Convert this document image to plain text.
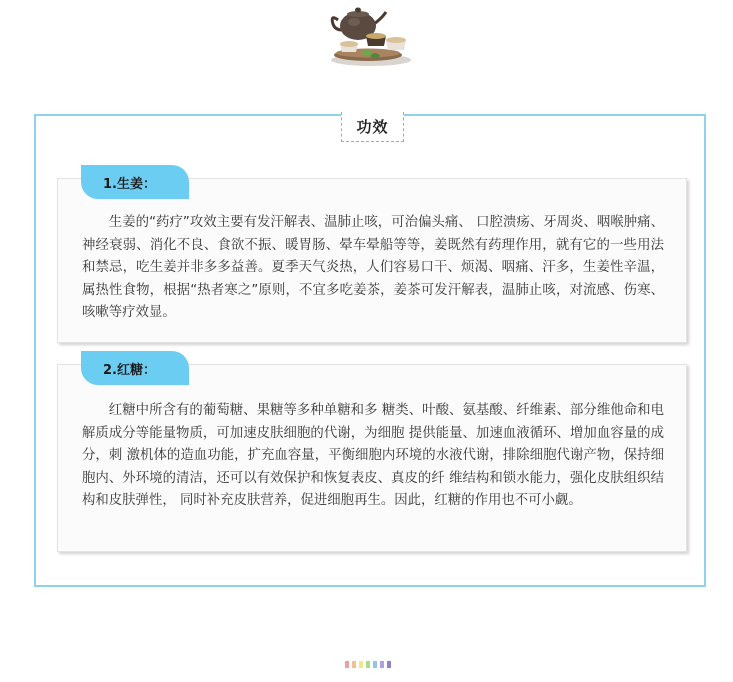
功效
1.生姜：

生姜的“药疗”攻效主要有发汗解表、温肺止咳，可治偏头痛、 口腔溃疡、牙周炎、咽喉肿痛、神经衰弱、消化不良、食欲不振、暖胃肠、晕车晕船等等，姜既然有药理作用，就有它的一些用法和禁忌，吃生姜并非多多益善。夏季天气炎热，人们容易口干、烦渴、咽痛、汗多，生姜性辛温，属热性食物，根据“热者寒之”原则，不宜多吃姜茶，姜茶可发汗解表，温肺止咳，对流感、伤寒、咳嗽等疗效显。

2.红糖：

红糖中所含有的葡萄糖、果糖等多种单糖和多 糖类、叶酸、氨基酸、纤维素、部分维他命和电解质成分等能量物质，可加速皮肤细胞的代谢，为细胞 提供能量、加速血液循环、增加血容量的成分，刺 激机体的造血功能，扩充血容量，平衡细胞内环境的水液代谢，排除细胞代谢产物，保持细胞内、外环境的清洁，还可以有效保护和恢复表皮、真皮的纤 维结构和锁水能力，强化皮肤组织结构和皮肤弹性， 同时补充皮肤营养，促进细胞再生。因此，红糖的作用也不可小觑。
